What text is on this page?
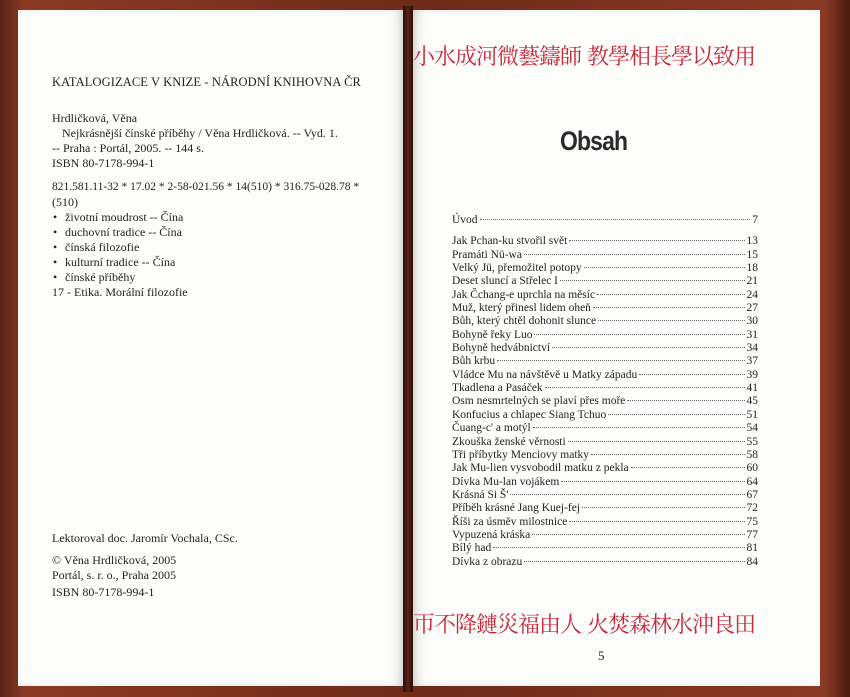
KATALOGIZACE V KNIZE - NÁRODNÍ KNIHOVNA ČR
Hrdličková, Věna
Nejkrásnější čínské příběhy / Věna Hrdličková. -- Vyd. 1.
-- Praha : Portál, 2005. -- 144 s.
ISBN 80-7178-994-1
821.581.11-32 * 17.02 * 2-58-021.56 * 14(510) * 316.75-028.78 *
(510)
• životní moudrost -- Čína
• duchovní tradice -- Čína
• čínská filozofie
• kulturní tradice -- Čína
• čínské příběhy
17 - Etika. Morální filozofie
Lektoroval doc. Jaromír Vochala, CSc.
© Věna Hrdličková, 2005
Portál, s. r. o., Praha 2005
ISBN 80-7178-994-1
小水成河微藝鑄師 教學相長學以致用
Obsah
Úvod	7
Jak Pchan-ku stvořil svět	13
Pramáti Nü-wa	15
Velký Jü, přemožitel potopy	18
Deset sluncí a Střelec I	21
Jak Čchang-e uprchla na měsíc	24
Muž, který přinesl lidem oheň	27
Bůh, který chtěl dohonit slunce	30
Bohyně řeky Luo	31
Bohyně hedvábnictví	34
Bůh krbu	37
Vládce Mu na návštěvě u Matky západu	39
Tkadlena a Pasáček	41
Osm nesmrtelných se plaví přes moře	45
Konfucius a chlapec Siang Tchuo	51
Čuang-c' a motýl	54
Zkouška ženské věrnosti	55
Tři příbytky Menciovy matky	58
Jak Mu-lien vysvobodil matku z pekla	60
Dívka Mu-lan vojákem	64
Krásná Si Š'	67
Příběh krásné Jang Kuej-fej	72
Říši za úsměv milostnice	75
Vypuzená kráska	77
Bílý had	81
Dívka z obrazu	84
帀不降鏈災福由人 火焚森林水沖良田
5
